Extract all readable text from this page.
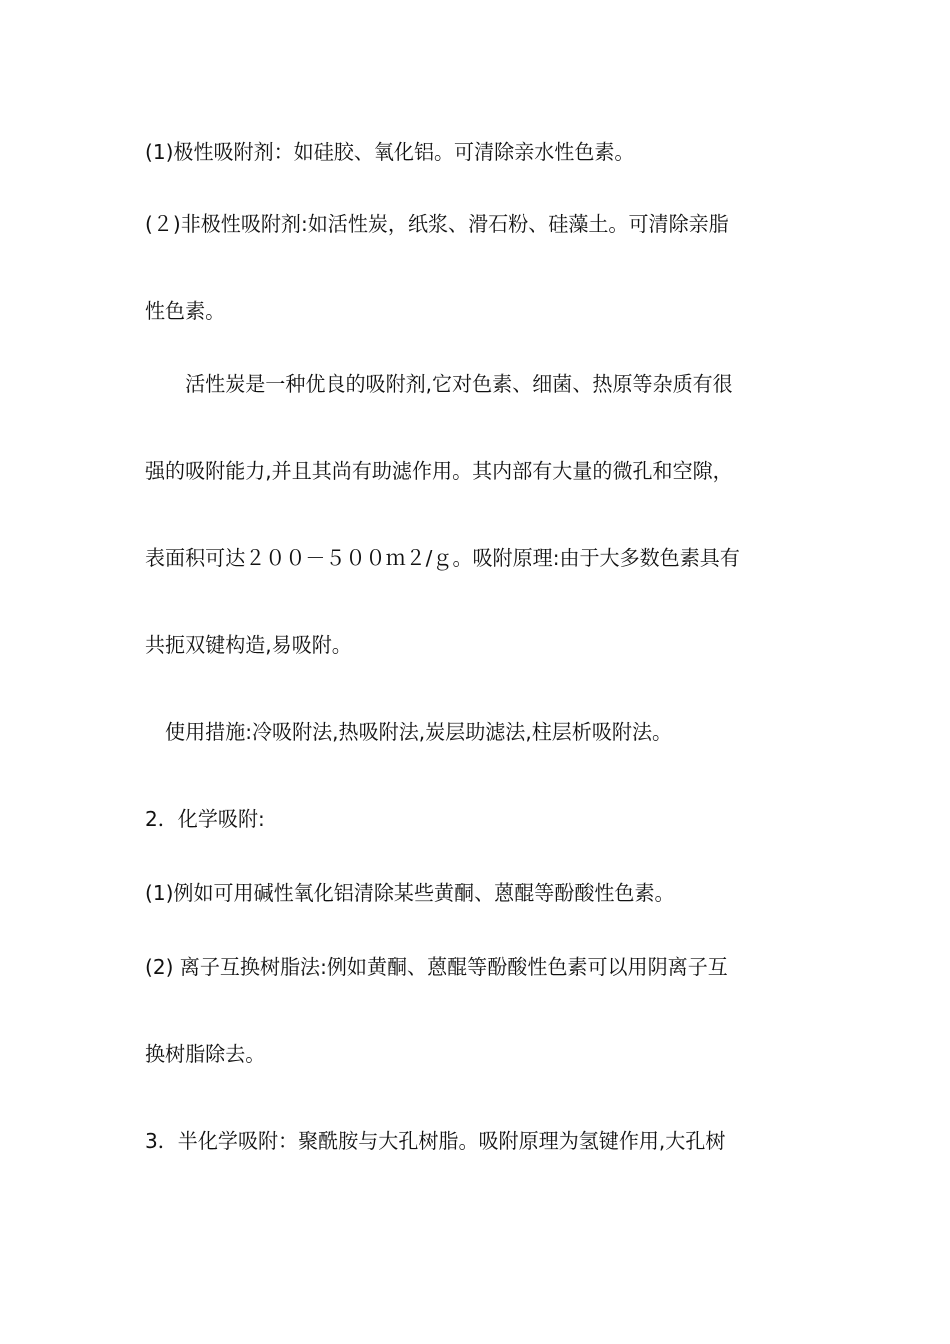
(1)极性吸附剂：如硅胶、氧化铝。可清除亲水性色素。
(２)非极性吸附剂:如活性炭，纸浆、滑石粉、硅藻土。可清除亲脂
性色素。
　　活性炭是一种优良的吸附剂,它对色素、细菌、热原等杂质有很
强的吸附能力,并且其尚有助滤作用。其内部有大量的微孔和空隙，
表面积可达２００－５００ｍ２/ｇ。吸附原理:由于大多数色素具有
共扼双键构造,易吸附。
　使用措施:冷吸附法,热吸附法,炭层助滤法,柱层析吸附法。
2．化学吸附:
(1)例如可用碱性氧化铝清除某些黄酮、蒽醌等酚酸性色素。
(2) 离子互换树脂法:例如黄酮、蒽醌等酚酸性色素可以用阴离子互
换树脂除去。
3．半化学吸附：聚酰胺与大孔树脂。吸附原理为氢键作用,大孔树
